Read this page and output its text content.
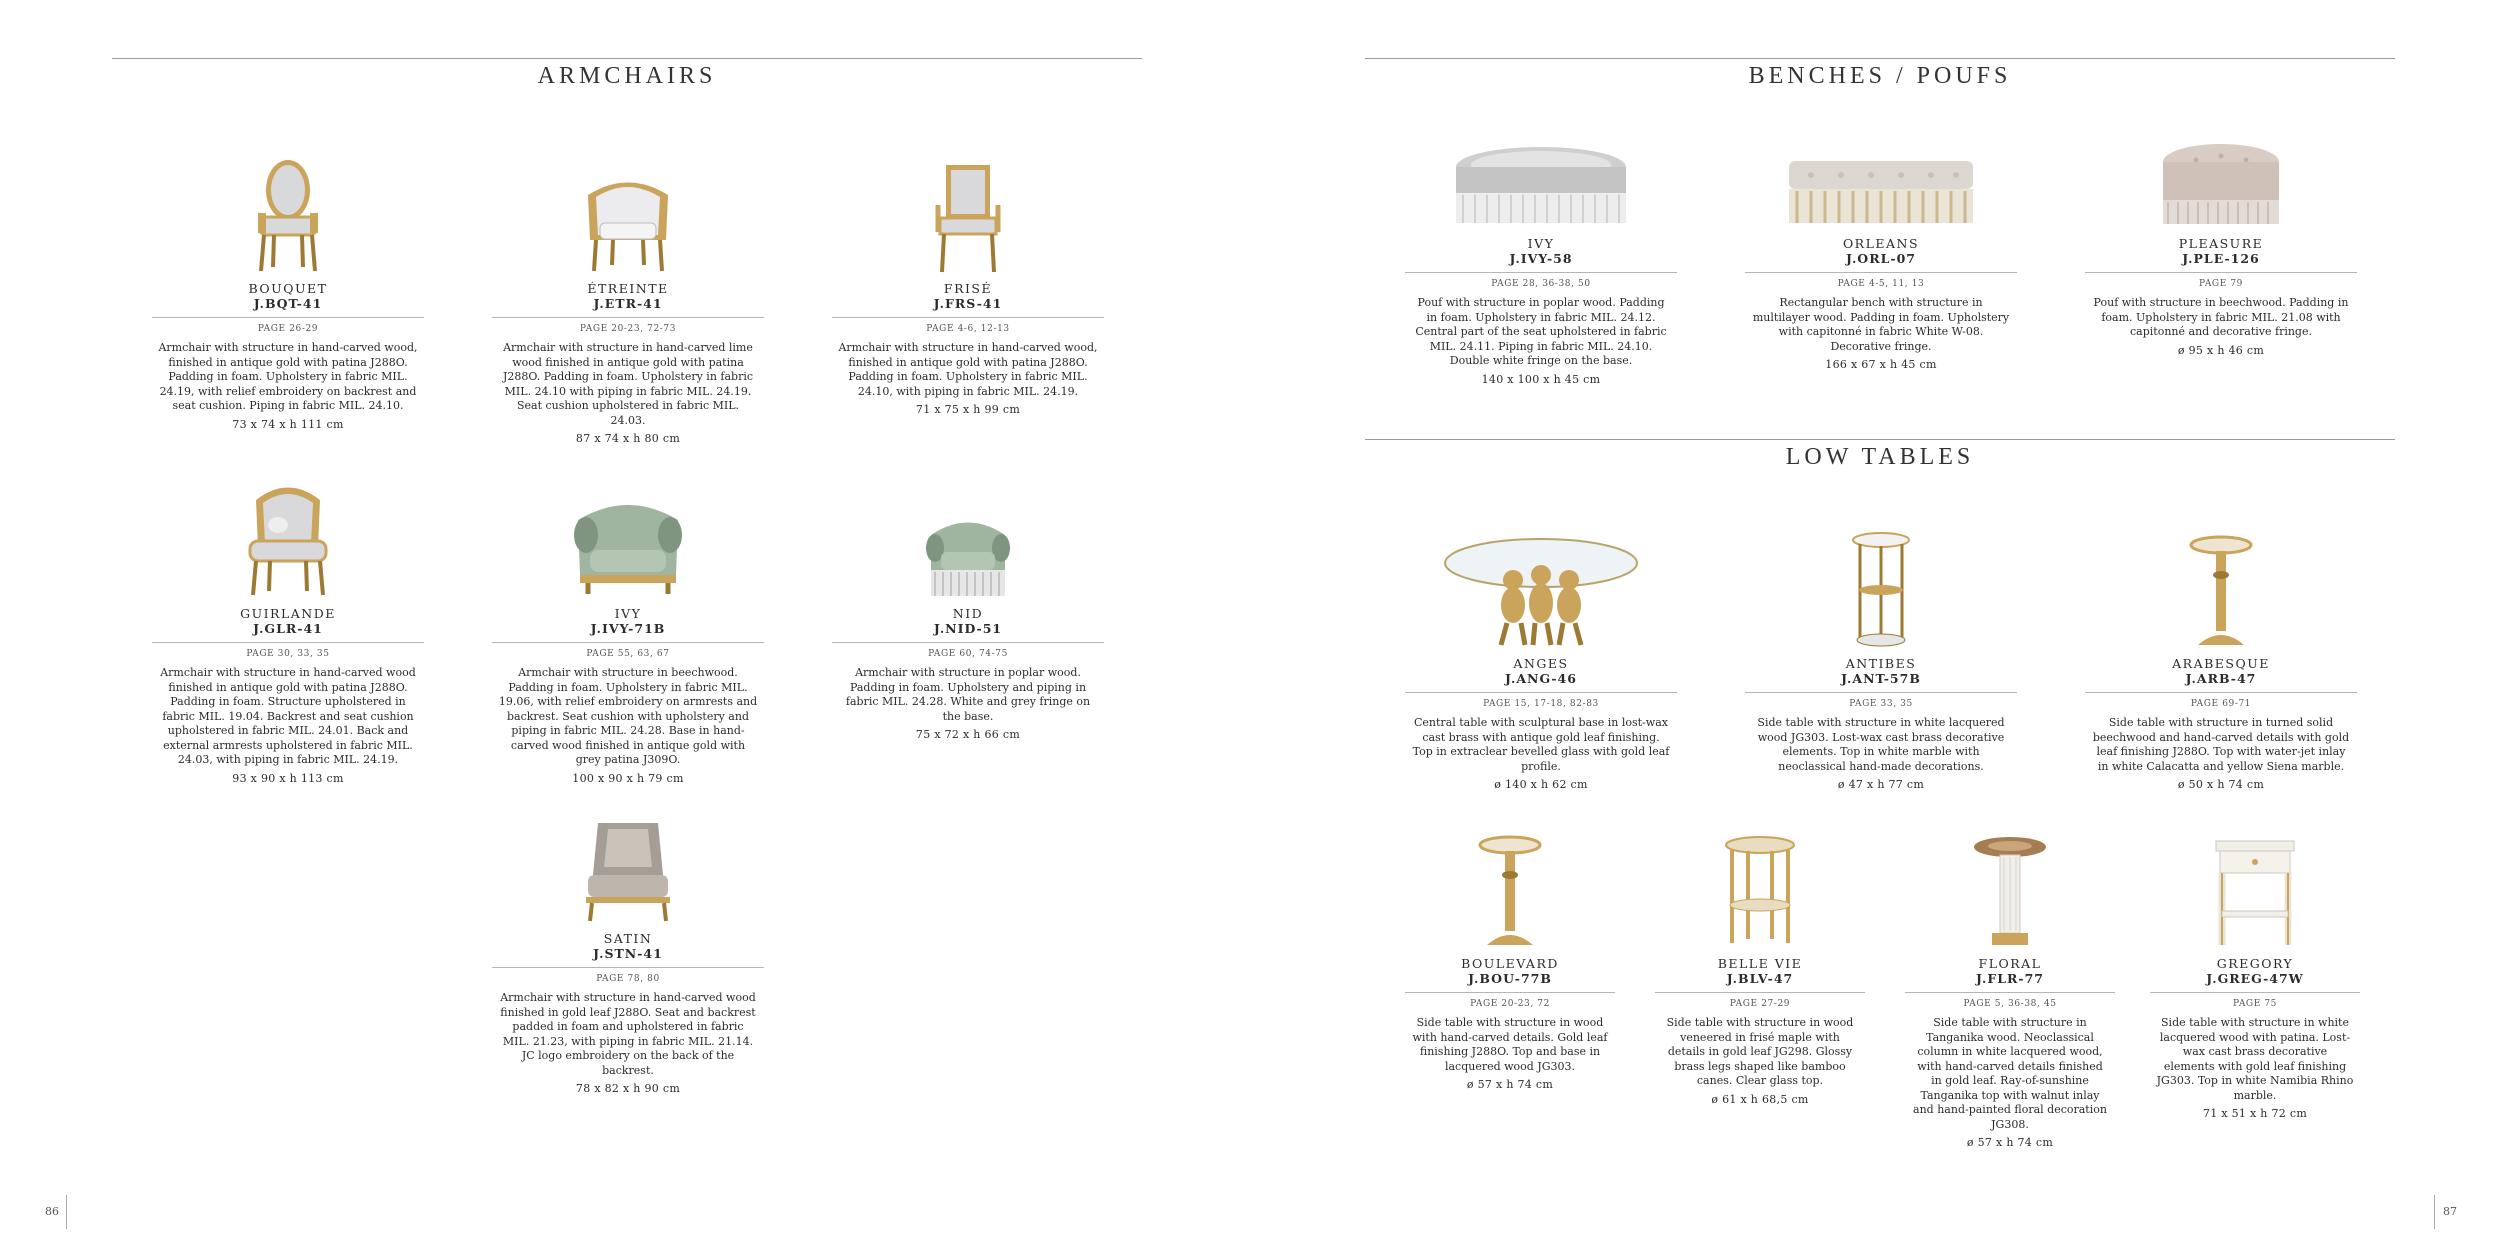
ARMCHAIRS	BENCHES / POUFS
LOW TABLES
BOUQUET
J.BQT-41
PAGE 26-29
Armchair with structure in hand-carved wood, finished in antique gold with patina J288O. Padding in foam. Upholstery in fabric MIL. 24.19, with relief embroidery on backrest and seat cushion. Piping in fabric MIL. 24.10.
73 x 74 x h 111 cm
ÉTREINTE
J.ETR-41
PAGE 20-23, 72-73
Armchair with structure in hand-carved lime wood finished in antique gold with patina J288O. Padding in foam. Upholstery in fabric MIL. 24.10 with piping in fabric MIL. 24.19. Seat cushion upholstered in fabric MIL. 24.03.
87 x 74 x h 80 cm
FRISÉ
J.FRS-41
PAGE 4-6, 12-13
Armchair with structure in hand-carved wood, finished in antique gold with patina J288O. Padding in foam. Upholstery in fabric MIL. 24.10, with piping in fabric MIL. 24.19.
71 x 75 x h 99 cm
GUIRLANDE
J.GLR-41
PAGE 30, 33, 35
Armchair with structure in hand-carved wood finished in antique gold with patina J288O. Padding in foam. Structure upholstered in fabric MIL. 19.04. Backrest and seat cushion upholstered in fabric MIL. 24.01. Back and external armrests upholstered in fabric MIL. 24.03, with piping in fabric MIL. 24.19.
93 x 90 x h 113 cm
IVY
J.IVY-71B
PAGE 55, 63, 67
Armchair with structure in beechwood. Padding in foam. Upholstery in fabric MIL. 19.06, with relief embroidery on armrests and backrest. Seat cushion with upholstery and piping in fabric MIL. 24.28. Base in hand-carved wood finished in antique gold with grey patina J309O.
100 x 90 x h 79 cm
NID
J.NID-51
PAGE 60, 74-75
Armchair with structure in poplar wood. Padding in foam. Upholstery and piping in fabric MIL. 24.28. White and grey fringe on the base.
75 x 72 x h 66 cm
SATIN
J.STN-41
PAGE 78, 80
Armchair with structure in hand-carved wood finished in gold leaf J288O. Seat and backrest padded in foam and upholstered in fabric MIL. 21.23, with piping in fabric MIL. 21.14. JC logo embroidery on the back of the backrest.
78 x 82 x h 90 cm
IVY
J.IVY-58
PAGE 28, 36-38, 50
Pouf with structure in poplar wood. Padding in foam. Upholstery in fabric MIL. 24.12. Central part of the seat upholstered in fabric MIL. 24.11. Piping in fabric MIL. 24.10. Double white fringe on the base.
140 x 100 x h 45 cm
ORLEANS
J.ORL-07
PAGE 4-5, 11, 13
Rectangular bench with structure in multilayer wood. Padding in foam. Upholstery with capitonné in fabric White W-08. Decorative fringe.
166 x 67 x h 45 cm
PLEASURE
J.PLE-126
PAGE 79
Pouf with structure in beechwood. Padding in foam. Upholstery in fabric MIL. 21.08 with capitonné and decorative fringe.
ø 95 x h 46 cm
ANGES
J.ANG-46
PAGE 15, 17-18, 82-83
Central table with sculptural base in lost-wax cast brass with antique gold leaf finishing. Top in extraclear bevelled glass with gold leaf profile.
ø 140 x h 62 cm
ANTIBES
J.ANT-57B
PAGE 33, 35
Side table with structure in white lacquered wood JG303. Lost-wax cast brass decorative elements. Top in white marble with neoclassical hand-made decorations.
ø 47 x h 77 cm
ARABESQUE
J.ARB-47
PAGE 69-71
Side table with structure in turned solid beechwood and hand-carved details with gold leaf finishing J288O. Top with water-jet inlay in white Calacatta and yellow Siena marble.
ø 50 x h 74 cm
BOULEVARD
J.BOU-77B
PAGE 20-23, 72
Side table with structure in wood with hand-carved details. Gold leaf finishing J288O. Top and base in lacquered wood JG303.
ø 57 x h 74 cm
BELLE VIE
J.BLV-47
PAGE 27-29
Side table with structure in wood veneered in frisé maple with details in gold leaf JG298. Glossy brass legs shaped like bamboo canes. Clear glass top.
ø 61 x h 68,5 cm
FLORAL
J.FLR-77
PAGE 5, 36-38, 45
Side table with structure in Tanganika wood. Neoclassical column in white lacquered wood, with hand-carved details finished in gold leaf. Ray-of-sunshine Tanganika top with walnut inlay and hand-painted floral decoration JG308.
ø 57 x h 74 cm
GREGORY
J.GREG-47W
PAGE 75
Side table with structure in white lacquered wood with patina. Lost-wax cast brass decorative elements with gold leaf finishing JG303. Top in white Namibia Rhino marble.
71 x 51 x h 72 cm
86	87
